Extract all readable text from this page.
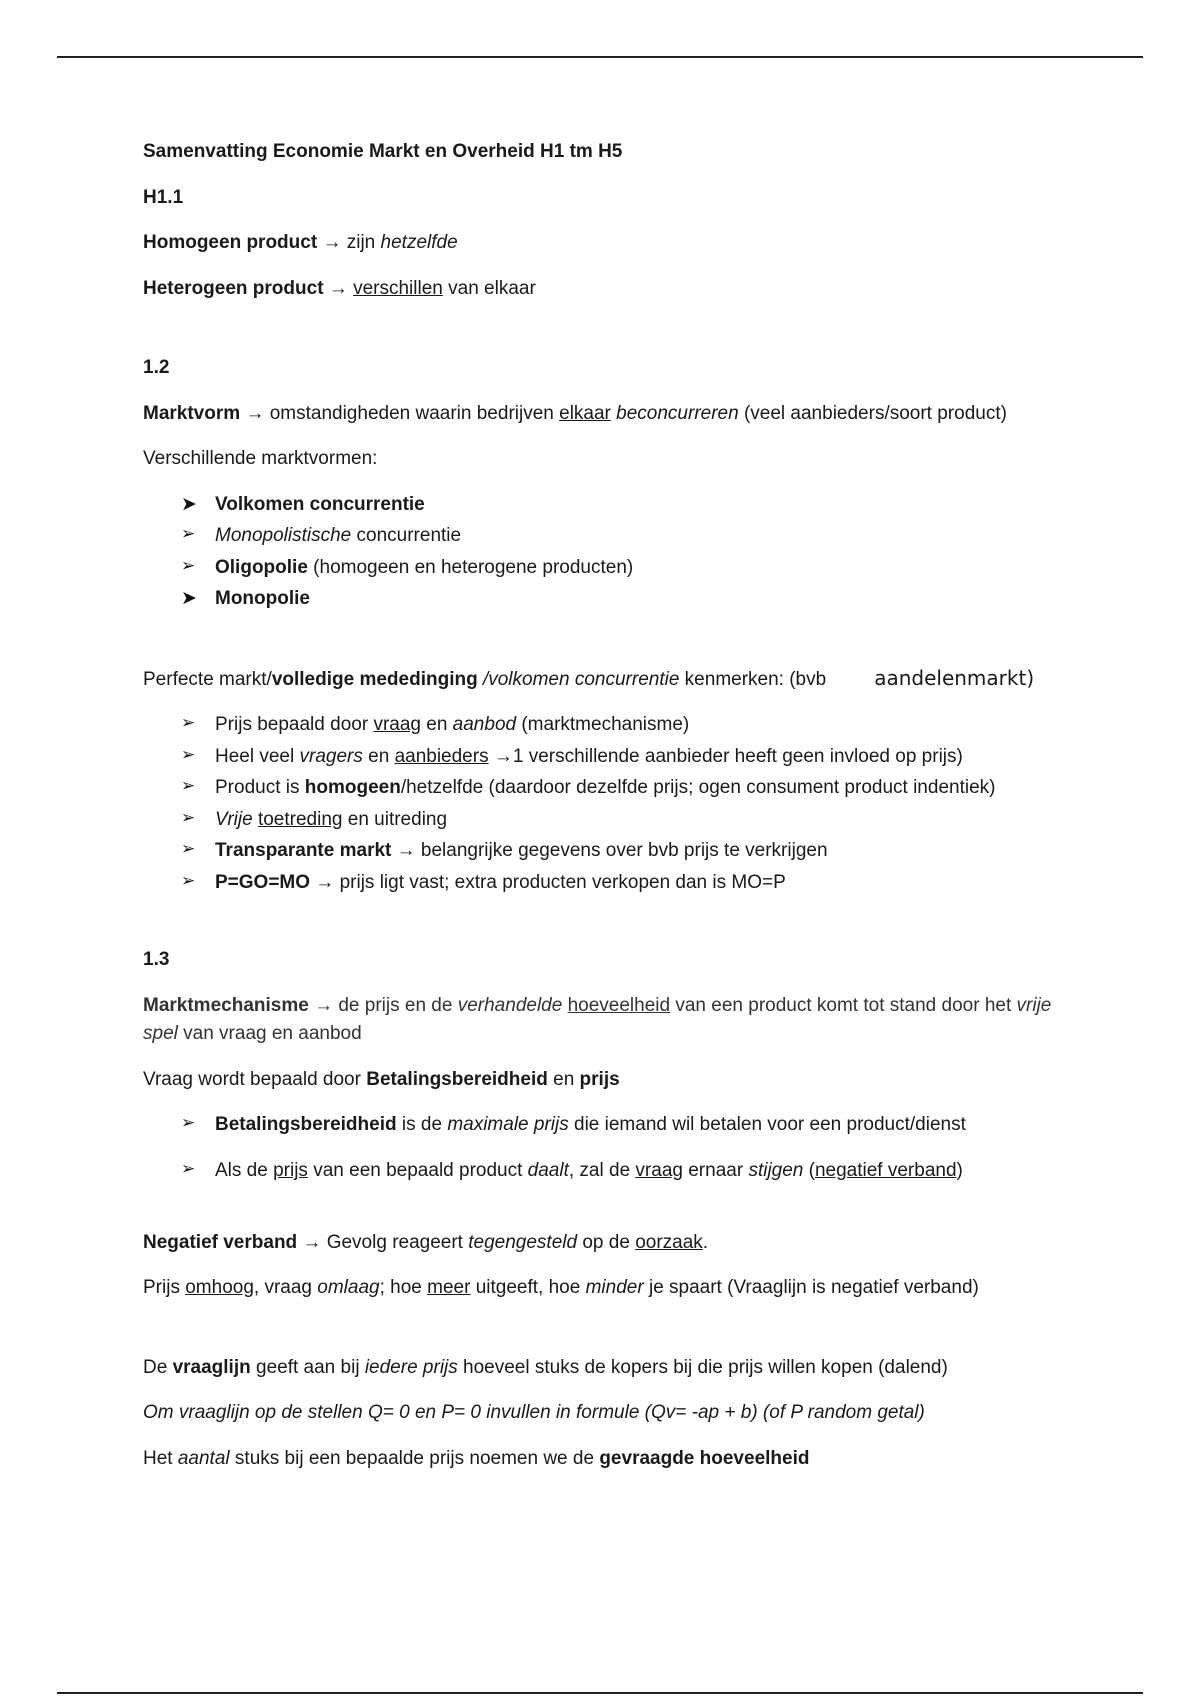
Samenvatting Economie Markt en Overheid H1 tm H5

H1.1

Homogeen product → zijn hetzelfde

Heterogeen product → verschillen van elkaar

1.2

Marktvorm → omstandigheden waarin bedrijven elkaar beconcurreren (veel aanbieders/soort product)

Verschillende marktvormen:

➤ Volkomen concurrentie
➢ Monopolistische concurrentie
➢ Oligopolie (homogeen en heterogene producten)
➤ Monopolie

Perfecte markt/volledige mededinging /volkomen concurrentie kenmerken: (bvb aandelenmarkt)

➢ Prijs bepaald door vraag en aanbod (marktmechanisme)
➢ Heel veel vragers en aanbieders →1 verschillende aanbieder heeft geen invloed op prijs)
➢ Product is homogeen/hetzelfde (daardoor dezelfde prijs; ogen consument product indentiek)
➢ Vrije toetreding en uitreding
➢ Transparante markt → belangrijke gegevens over bvb prijs te verkrijgen
➢ P=GO=MO → prijs ligt vast; extra producten verkopen dan is MO=P

1.3

Marktmechanisme → de prijs en de verhandelde hoeveelheid van een product komt tot stand door het vrije spel van vraag en aanbod

Vraag wordt bepaald door Betalingsbereidheid en prijs

➢ Betalingsbereidheid is de maximale prijs die iemand wil betalen voor een product/dienst
➢ Als de prijs van een bepaald product daalt, zal de vraag ernaar stijgen (negatief verband)

Negatief verband → Gevolg reageert tegengesteld op de oorzaak.

Prijs omhoog, vraag omlaag; hoe meer uitgeeft, hoe minder je spaart (Vraaglijn is negatief verband)

De vraaglijn geeft aan bij iedere prijs hoeveel stuks de kopers bij die prijs willen kopen (dalend)

Om vraaglijn op de stellen Q= 0 en P= 0 invullen in formule (Qv= -ap + b) (of P random getal)

Het aantal stuks bij een bepaalde prijs noemen we de gevraagde hoeveelheid
